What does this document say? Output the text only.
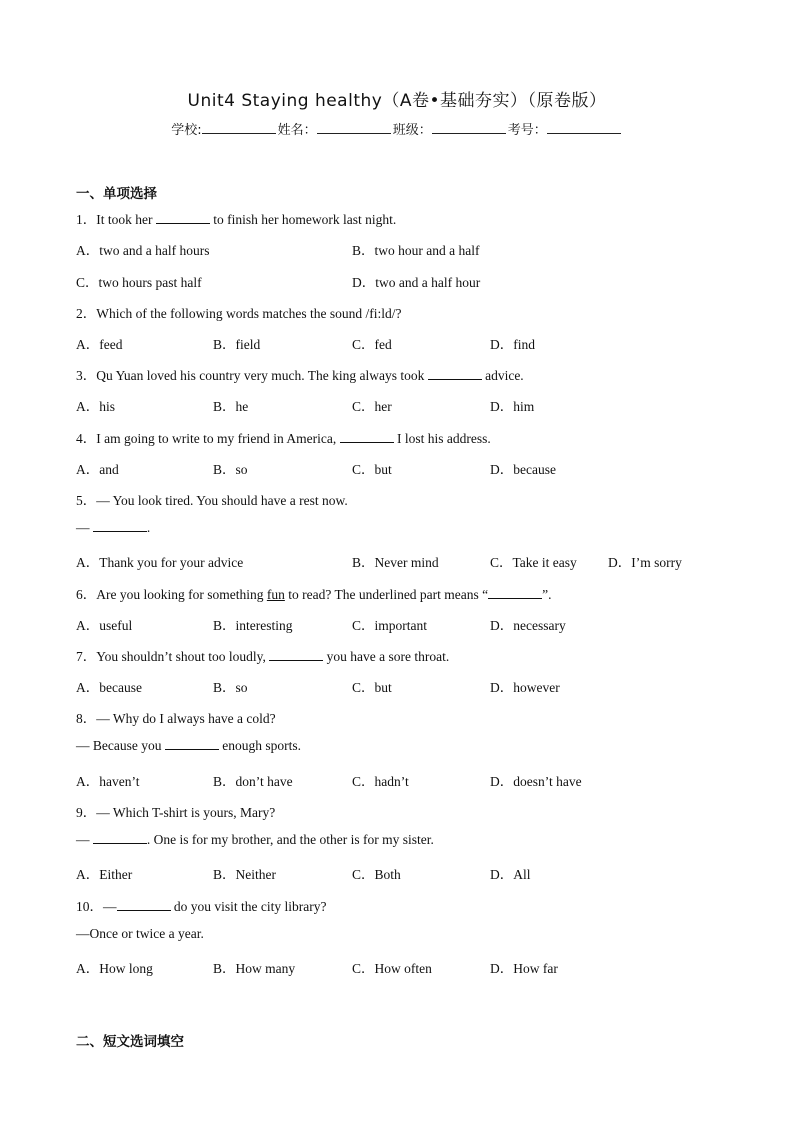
Unit4 Staying healthy（A卷•基础夯实）（原卷版）
学校:	姓名：	班级：	考号：
一、单项选择
1．It took her	to finish her homework last night.
A．two and a half hours	B．two hour and a half
C．two hours past half	D．two and a half hour
2．Which of the following words matches the sound /fi:ld/?
A．feed	B．field	C．fed	D．find
3．Qu Yuan loved his country very much. The king always took	advice.
A．his	B．he	C．her	D．him
4．I am going to write to my friend in America,	I lost his address.
A．and	B．so	C．but	D．because
5．— You look tired. You should have a rest now.
—	.
A．Thank you for your advice	B．Never mind	C．Take it easy D．I’m sorry
6．Are you looking for something fun to read? The underlined part means “	”.
A．useful	B．interesting	C．important	D．necessary
7．You shouldn’t shout too loudly,	you have a sore throat.
A．because	B．so	C．but	D．however
8．— Why do I always have a cold?
— Because you	enough sports.
A．haven’t	B．don’t have	C．hadn’t	D．doesn’t have
9．— Which T-shirt is yours, Mary?
—	. One is for my brother, and the other is for my sister.
A．Either	B．Neither	C．Both	D．All
10．—	do you visit the city library?
—Once or twice a year.
A．How long	B．How many	C．How often	D．How far
二、短文选词填空
